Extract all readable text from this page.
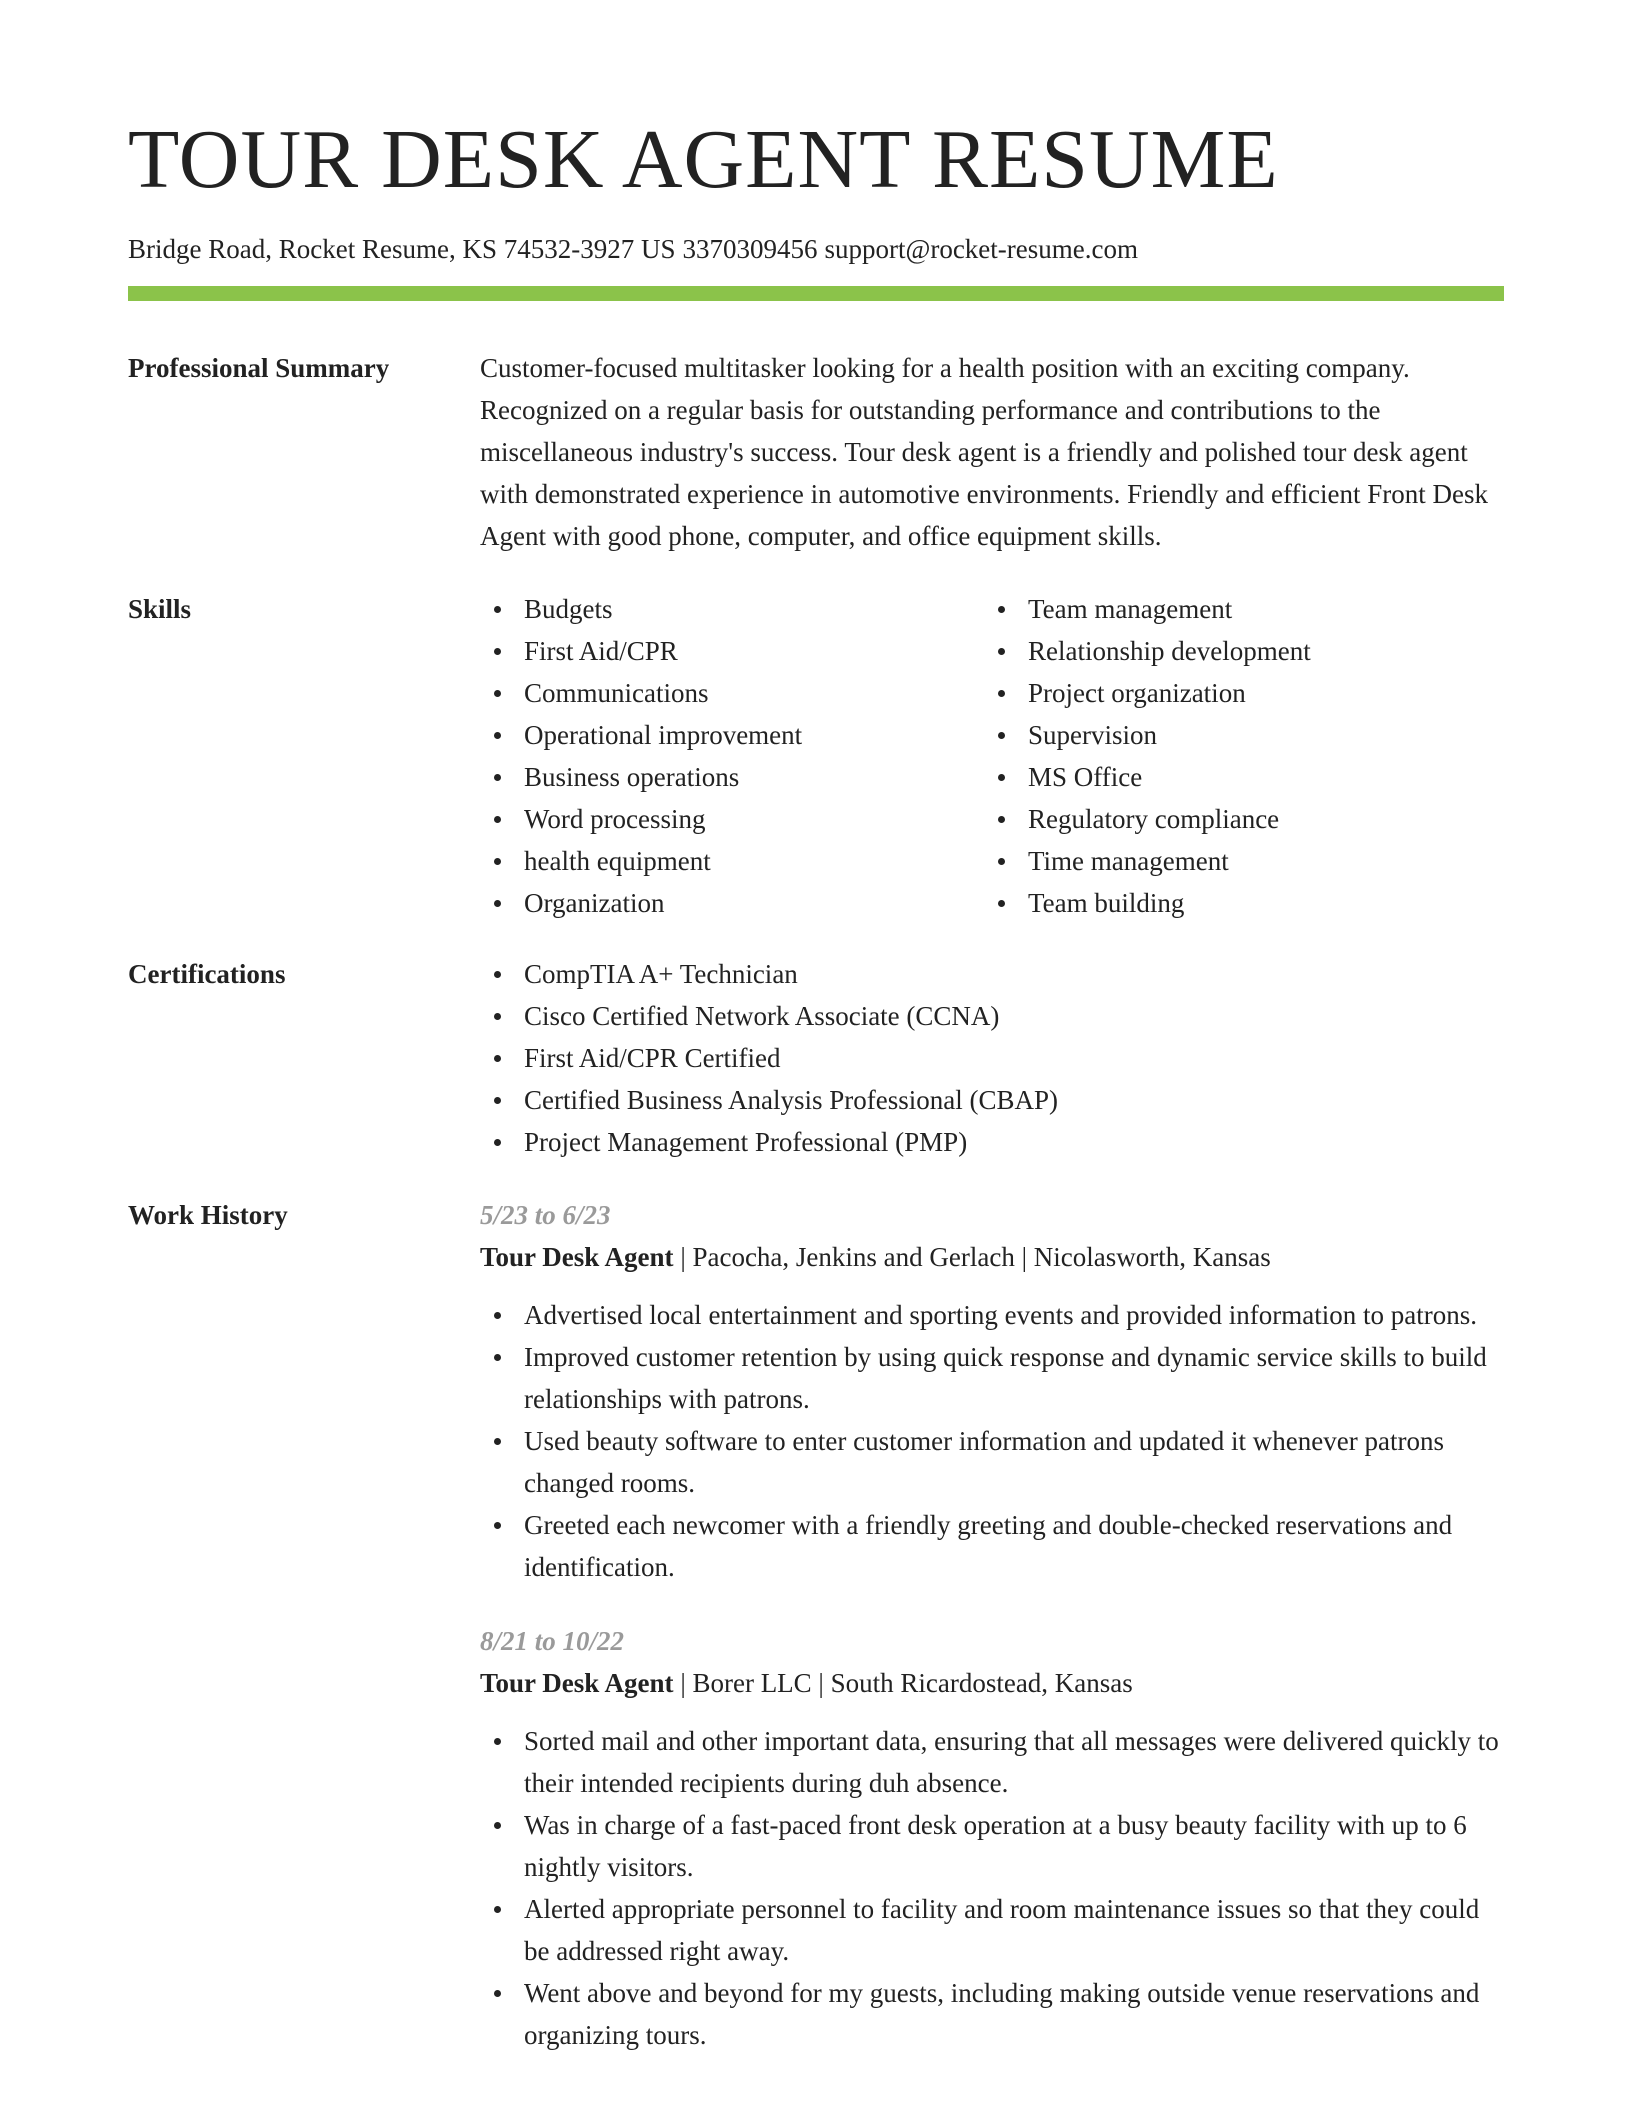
TOUR DESK AGENT RESUME
Bridge Road, Rocket Resume, KS 74532-3927 US 3370309456 support@rocket-resume.com
Professional Summary	Customer-focused multitasker looking for a health position with an exciting company. Recognized on a regular basis for outstanding performance and contributions to the miscellaneous industry's success. Tour desk agent is a friendly and polished tour desk agent with demonstrated experience in automotive environments. Friendly and efficient Front Desk Agent with good phone, computer, and office equipment skills.

Skills	Budgets
First Aid/CPR
Communications
Operational improvement
Business operations
Word processing
health equipment
Organization
Team management
Relationship development
Project organization
Supervision
MS Office
Regulatory compliance
Time management
Team building
Certifications	CompTIA A+ Technician
Cisco Certified Network Associate (CCNA)
First Aid/CPR Certified
Certified Business Analysis Professional (CBAP)
Project Management Professional (PMP)
Work History	5/23 to 6/23
Tour Desk Agent | Pacocha, Jenkins and Gerlach | Nicolasworth, Kansas
Advertised local entertainment and sporting events and provided information to patrons.
Improved customer retention by using quick response and dynamic service skills to build relationships with patrons.
Used beauty software to enter customer information and updated it whenever patrons changed rooms.
Greeted each newcomer with a friendly greeting and double-checked reservations and identification.
8/21 to 10/22
Tour Desk Agent | Borer LLC | South Ricardostead, Kansas
Sorted mail and other important data, ensuring that all messages were delivered quickly to their intended recipients during duh absence.
Was in charge of a fast-paced front desk operation at a busy beauty facility with up to 6 nightly visitors.
Alerted appropriate personnel to facility and room maintenance issues so that they could be addressed right away.
Went above and beyond for my guests, including making outside venue reservations and organizing tours.
